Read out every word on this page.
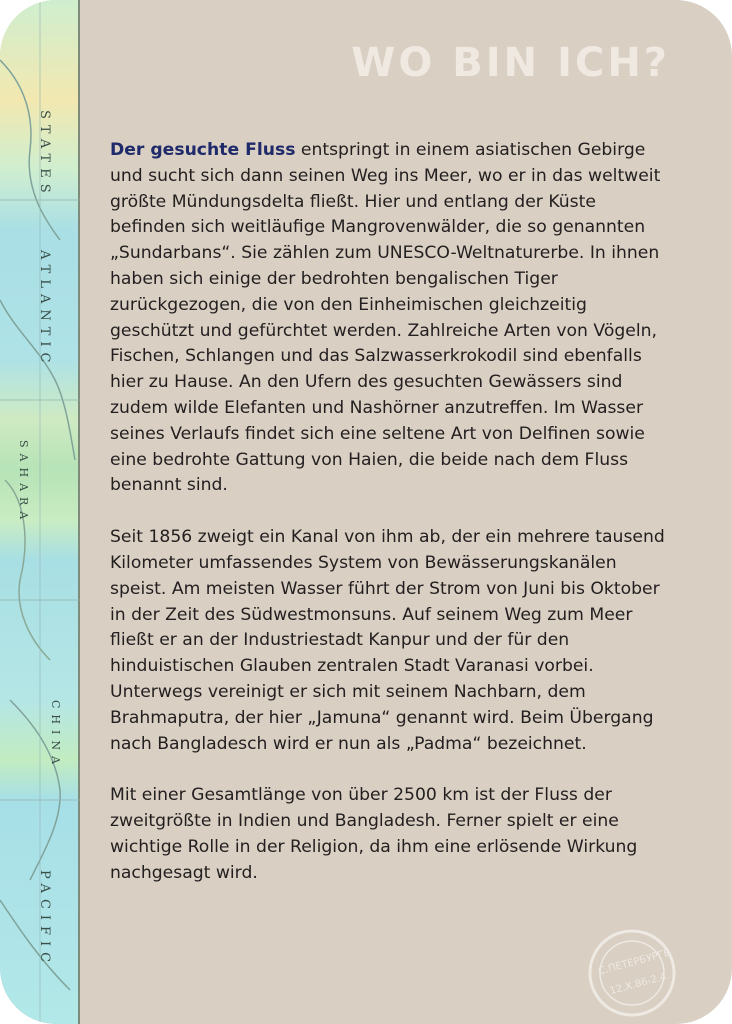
STATES
ATLANTIC
SAHARA
CHINA
PACIFIC
WO BIN ICH?

Der gesuchte Fluss entspringt in einem asiatischen Gebirge und sucht sich dann seinen Weg ins Meer, wo er in das weltweit größte Mündungsdelta fließt. Hier und entlang der Küste befinden sich weitläufige Mangrovenwälder, die so genannten „Sundarbans“. Sie zählen zum UNESCO-Weltnaturerbe. In ihnen haben sich einige der bedrohten bengalischen Tiger zurückgezogen, die von den Einheimischen gleichzeitig geschützt und gefürchtet werden. Zahlreiche Arten von Vögeln, Fischen, Schlangen und das Salzwasserkrokodil sind ebenfalls hier zu Hause. An den Ufern des gesuchten Gewässers sind zudem wilde Elefanten und Nashörner anzutreffen. Im Wasser seines Verlaufs findet sich eine seltene Art von Delfinen sowie eine bedrohte Gattung von Haien, die beide nach dem Fluss benannt sind.

Seit 1856 zweigt ein Kanal von ihm ab, der ein mehrere tausend Kilometer umfassendes System von Bewässerungskanälen speist. Am meisten Wasser führt der Strom von Juni bis Oktober in der Zeit des Südwestmonsuns. Auf seinem Weg zum Meer fließt er an der Industriestadt Kanpur und der für den hinduistischen Glauben zentralen Stadt Varanasi vorbei. Unterwegs vereinigt er sich mit seinem Nachbarn, dem Brahmaputra, der hier „Jamuna“ genannt wird. Beim Übergang nach Bangladesch wird er nun als „Padma“ bezeichnet.

Mit einer Gesamtlänge von über 2500 km ist der Fluss der zweitgrößte in Indien und Bangladesh. Ferner spielt er eine wichtige Rolle in der Religion, da ihm eine erlösende Wirkung nachgesagt wird.

С.ПЕТЕРБУРГЬ
12.X.86-2.4.
